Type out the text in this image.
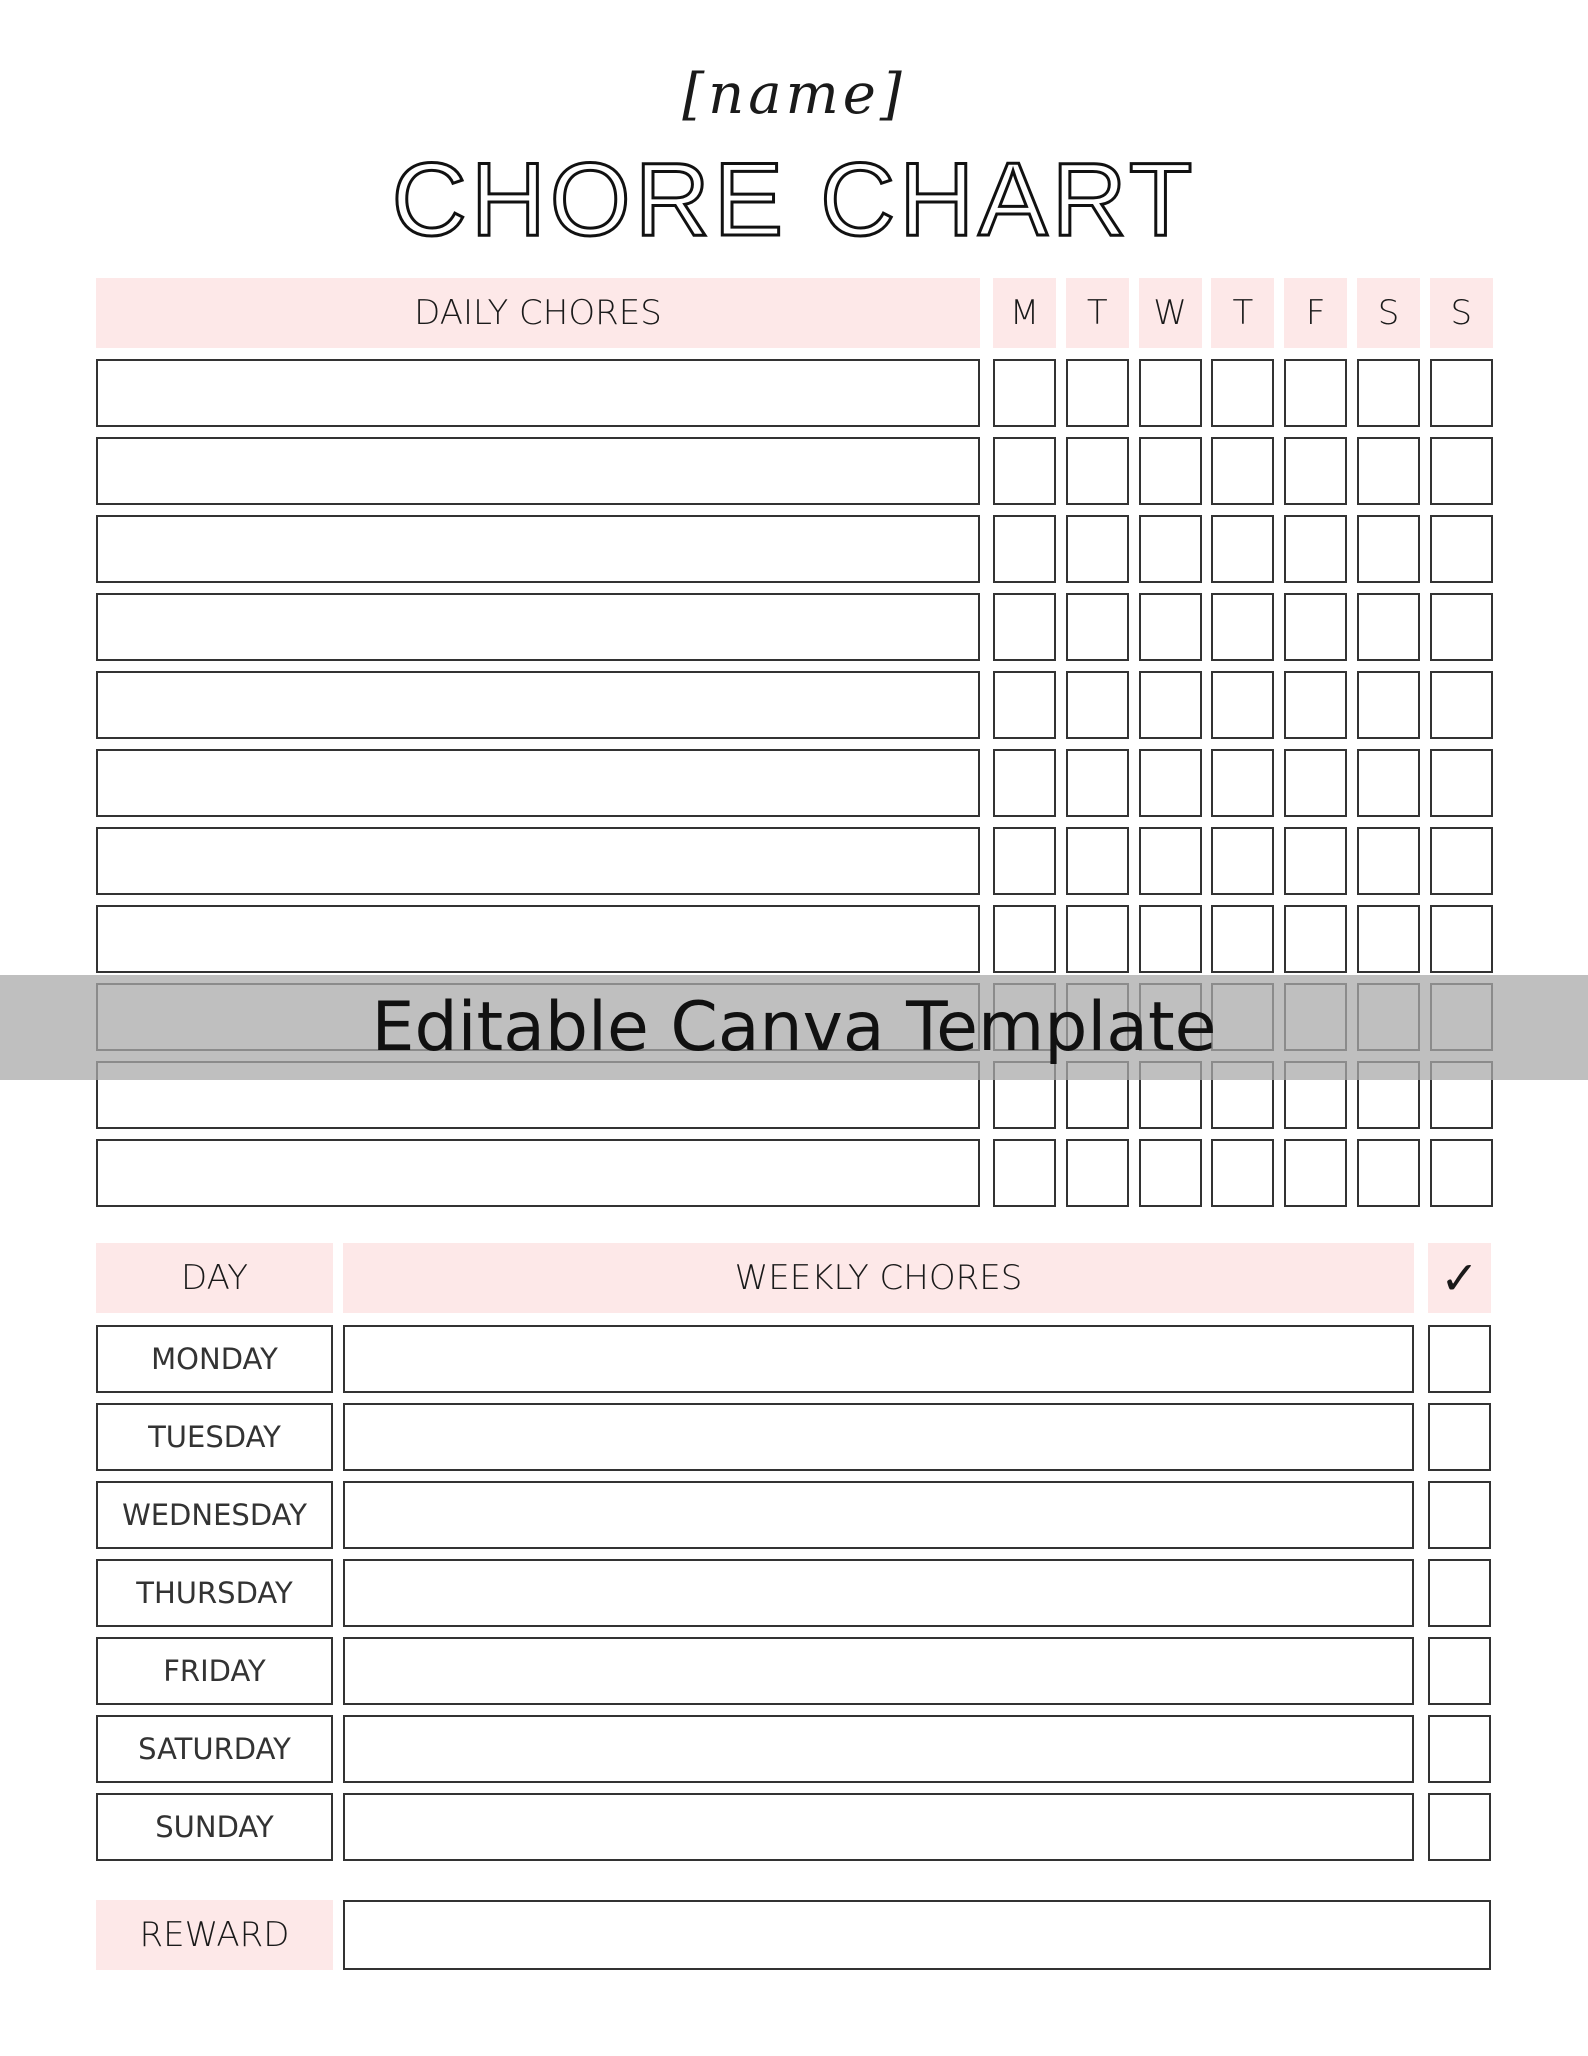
[name]
CHORE CHART
DAILY CHORES	M	T	W	T	F	S	S
DAY	WEEKLY CHORES	✓
MONDAY
TUESDAY
WEDNESDAY
THURSDAY
FRIDAY
SATURDAY
SUNDAY
REWARD
Editable Canva Template
